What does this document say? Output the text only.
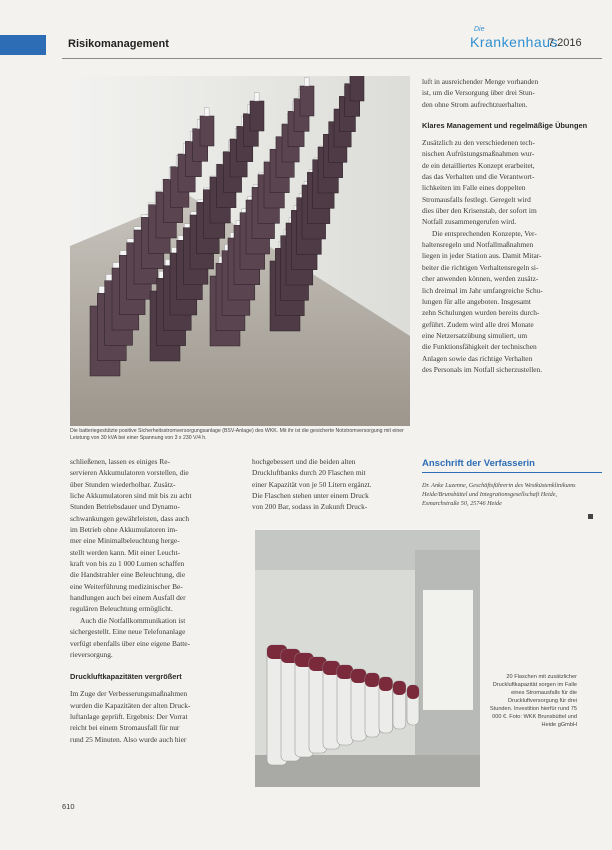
Risikomanagement
Die
Krankenhaus
7.2016
Die batteriegestützte positive Sicherheitsstromversorgungsanlage (BSV-Anlage) des WKK. Mit ihr ist die gesicherte Notstromversorgung mit einer Leistung von 30 kVA bei einer Spannung von 3 x 230 V/4 h.

schließenen, lassen es einiges Re-
servieren Akkumulatoren vorstellen, die
über Stunden wiederholbar. Zusätz-
liche Akkumulatoren sind mit bis zu acht
Stunden Betriebsdauer und Dynamo-
schwankungen gewährleisten, dass auch
im Betrieb ohne Akkumulatoren im-
mer eine Minimalbeleuchtung herge-
stellt werden kann. Mit einer Leucht-
kraft von bis zu 1 000 Lumen schaffen
die Handstrahler eine Beleuchtung, die
eine Weiterführung medizinischer Be-
handlungen auch bei einem Ausfall der
regulären Beleuchtung ermöglicht.

Auch die Notfallkommunikation ist
sichergestellt. Eine neue Telefonanlage
verfügt ebenfalls über eine eigene Batte-
rieversorgung.

Druckluftkapazitäten vergrößert

Im Zuge der Verbesserungsmaßnahmen
wurden die Kapazitäten der alten Druck-
luftanlage geprüft. Ergebnis: Der Vorrat
reicht bei einem Stromausfall für nur
rund 25 Minuten. Also wurde auch hier

hochgebessert und die beiden alten
Druckluftbanks durch 20 Flaschen mit
einer Kapazität von je 50 Litern ergänzt.
Die Flaschen stehen unter einem Druck
von 200 Bar, sodass in Zukunft Druck-

luft in ausreichender Menge vorhanden
ist, um die Versorgung über drei Stun-
den ohne Strom aufrechtzuerhalten.

Klares Management und regelmäßige Übungen

Zusätzlich zu den verschiedenen tech-
nischen Aufrüstungsmaßnahmen wur-
de ein detailliertes Konzept erarbeitet,
das das Verhalten und die Verantwort-
lichkeiten im Falle eines doppelten
Stromausfalls festlegt. Geregelt wird
dies über den Krisenstab, der sofort im
Notfall zusammengerufen wird.

Die entsprechenden Konzepte, Ver-
haltensregeln und Notfallmaßnahmen
liegen in jeder Station aus. Damit Mitar-
beiter die richtigen Verhaltensregeln si-
cher anwenden können, werden zusätz-
lich dreimal im Jahr umfangreiche Schu-
lungen für alle angeboten. Insgesamt
zehn Schulungen wurden bereits durch-
geführt. Zudem wird alle drei Monate
eine Netzersatzübung simuliert, um
die Funktionsfähigkeit der technischen
Anlagen sowie das richtige Verhalten
des Personals im Notfall sicherzustellen.

Anschrift der Verfasserin
Dr. Anke Luzenne, Geschäftsführerin des Westküstenklinikums Heide/Brunsbüttel und Integrationsgesellschaft Heide, Esmarchstraße 50, 25746 Heide
20 Flaschen mit zusätzlicher Druckluftkapazität sorgen im Falle eines Stromausfalls für die Druckluftversorgung für drei Stunden. Investition hierfür rund 75 000 €. Foto: WKK Brunsbüttel und Heide gGmbH
610
